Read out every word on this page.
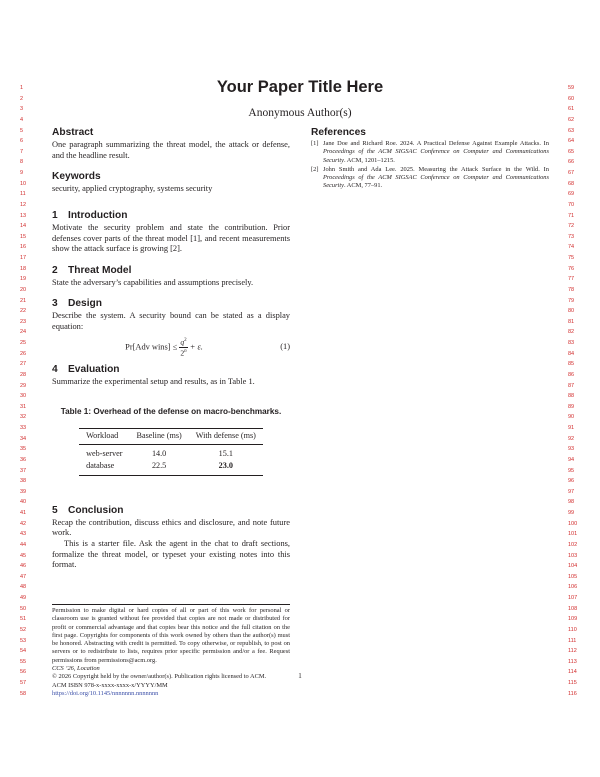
1
2
3
4
5
6
7
8
9
10
11
12
13
14
15
16
17
18
19
20
21
22
23
24
25
26
27
28
29
30
31
32
33
34
35
36
37
38
39
40
41
42
43
44
45
46
47
48
49
50
51
52
53
54
55
56
57
58
59
60
61
62
63
64
65
66
67
68
69
70
71
72
73
74
75
76
77
78
79
80
81
82
83
84
85
86
87
88
89
90
91
92
93
94
95
96
97
98
99
100
101
102
103
104
105
106
107
108
109
110
111
112
113
114
115
116
Your Paper Title Here
Anonymous Author(s)
Abstract

One paragraph summarizing the threat model, the attack or defense, and the headline result.

Keywords

security, applied cryptography, systems security

1 Introduction

Motivate the security problem and state the contribution. Prior defenses cover parts of the threat model [1], and recent measurements show the attack surface is growing [2].

2 Threat Model

State the adversary’s capabilities and assumptions precisely.

3 Design

Describe the system. A security bound can be stated as a display equation:

Pr[Adv wins] ≤ $\frac{q^2}{2^n} + \varepsilon$.	(1)
4 Evaluation

Summarize the experimental setup and results, as in Table 1.

Table 1: Overhead of the defense on macro-benchmarks.
Workload	Baseline (ms)	With defense (ms)
web-server	14.0	15.1
database	22.5	23.0
5 Conclusion

Recap the contribution, discuss ethics and disclosure, and note future work.

This is a starter file. Ask the agent in the chat to draft sections, formalize the threat model, or typeset your existing notes into this format.

Permission to make digital or hard copies of all or part of this work for personal or classroom use is granted without fee provided that copies are not made or distributed for profit or commercial advantage and that copies bear this notice and the full citation on the first page. Copyrights for components of this work owned by others than the author(s) must be honored. Abstracting with credit is permitted. To copy otherwise, or republish, to post on servers or to redistribute to lists, requires prior specific permission and/or a fee. Request permissions from permissions@acm.org.
CCS ’26, Location
© 2026 Copyright held by the owner/author(s). Publication rights licensed to ACM.
ACM ISBN 978-x-xxxx-xxxx-x/YYYY/MM
https://doi.org/10.1145/nnnnnnn.nnnnnnn
References
[1] Jane Doe and Richard Roe. 2024. A Practical Defense Against Example Attacks. In Proceedings of the ACM SIGSAC Conference on Computer and Communications Security. ACM, 1201–1215.
[2] John Smith and Ada Lee. 2025. Measuring the Attack Surface in the Wild. In Proceedings of the ACM SIGSAC Conference on Computer and Communications Security. ACM, 77–91.
1
